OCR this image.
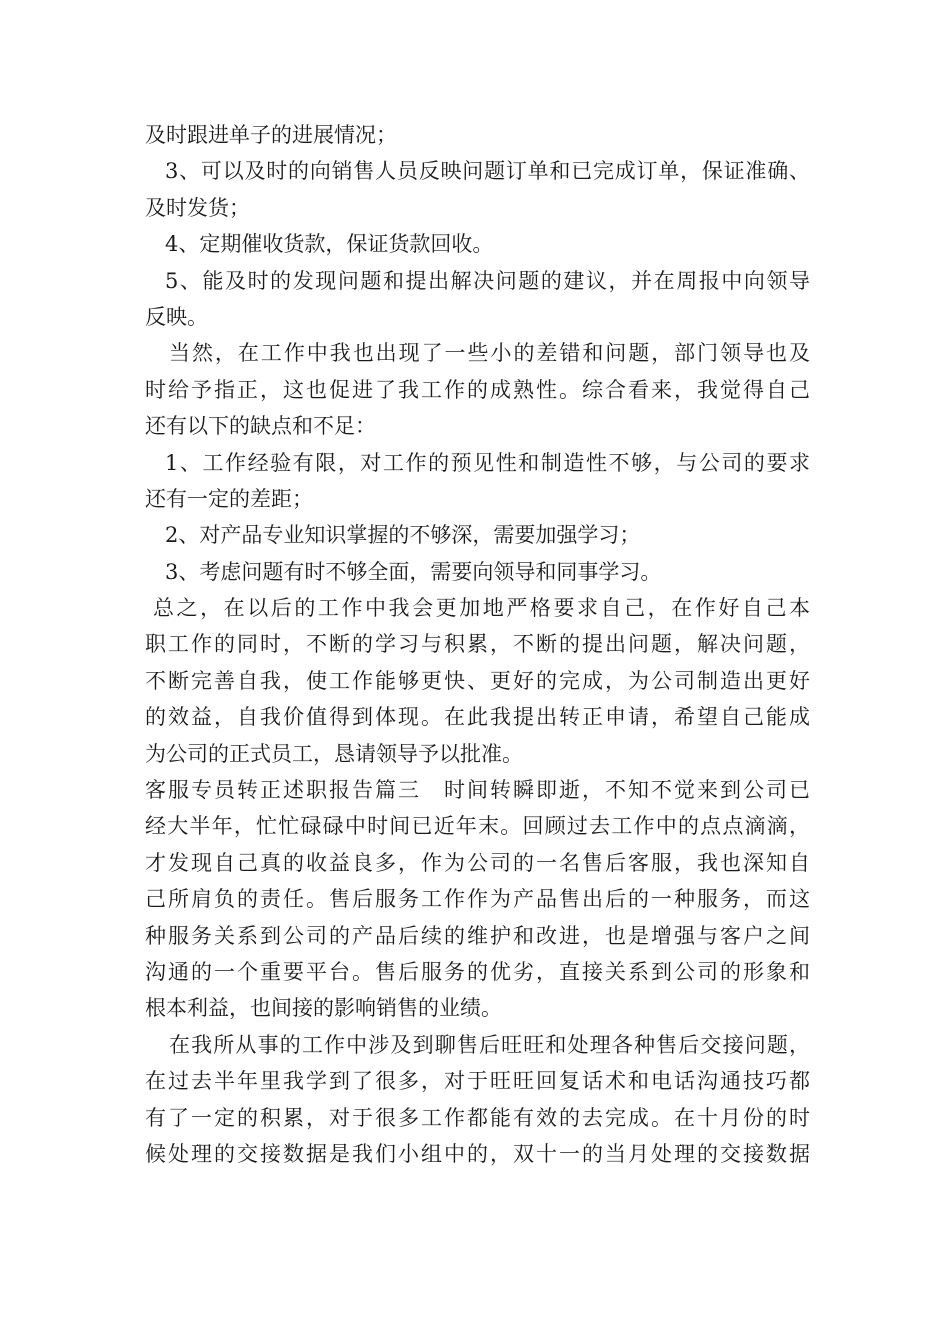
及时跟进单子的进展情况；
3、可以及时的向销售人员反映问题订单和已完成订单，保证准确、
及时发货；
4、定期催收货款，保证货款回收。
5、能及时的发现问题和提出解决问题的建议，并在周报中向领导
反映。
当然，在工作中我也出现了一些小的差错和问题，部门领导也及
时给予指正，这也促进了我工作的成熟性。综合看来，我觉得自己
还有以下的缺点和不足：
1、工作经验有限，对工作的预见性和制造性不够，与公司的要求
还有一定的差距；
2、对产品专业知识掌握的不够深，需要加强学习；
3、考虑问题有时不够全面，需要向领导和同事学习。
总之，在以后的工作中我会更加地严格要求自己，在作好自己本
职工作的同时，不断的学习与积累，不断的提出问题，解决问题，
不断完善自我，使工作能够更快、更好的完成，为公司制造出更好
的效益，自我价值得到体现。在此我提出转正申请，希望自己能成
为公司的正式员工，恳请领导予以批准。
客服专员转正述职报告篇三　时间转瞬即逝，不知不觉来到公司已
经大半年，忙忙碌碌中时间已近年末。回顾过去工作中的点点滴滴，
才发现自己真的收益良多，作为公司的一名售后客服，我也深知自
己所肩负的责任。售后服务工作作为产品售出后的一种服务，而这
种服务关系到公司的产品后续的维护和改进，也是增强与客户之间
沟通的一个重要平台。售后服务的优劣，直接关系到公司的形象和
根本利益，也间接的影响销售的业绩。
在我所从事的工作中涉及到聊售后旺旺和处理各种售后交接问题，
在过去半年里我学到了很多，对于旺旺回复话术和电话沟通技巧都
有了一定的积累，对于很多工作都能有效的去完成。在十月份的时
候处理的交接数据是我们小组中的，双十一的当月处理的交接数据
